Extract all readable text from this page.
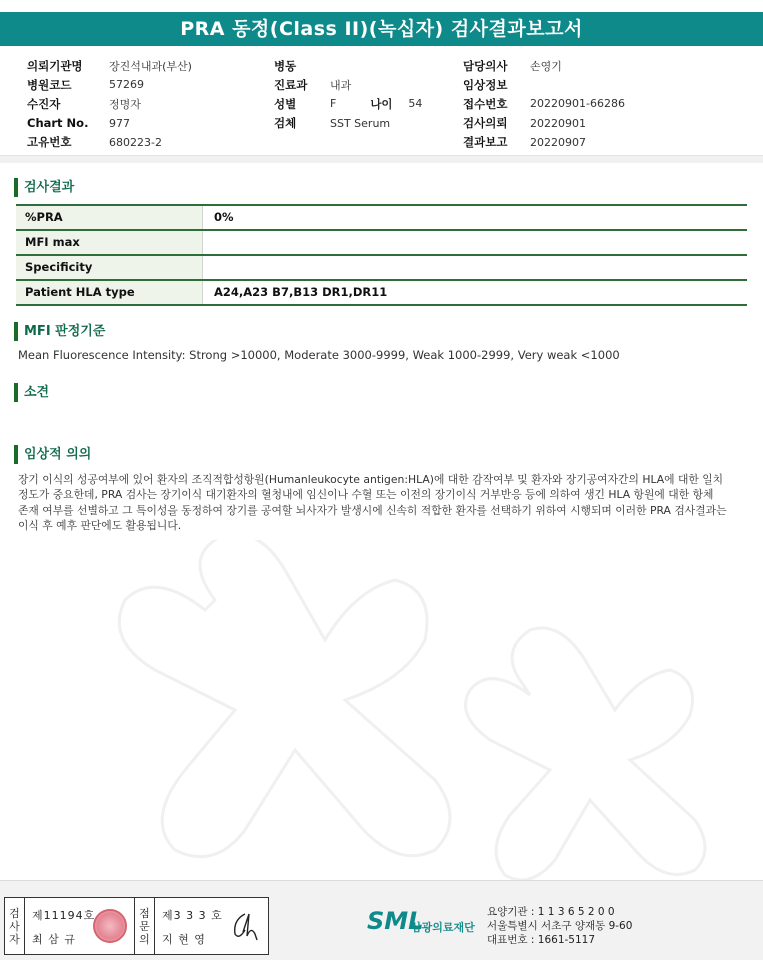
PRA 동정(Class II)(녹십자) 검사결과보고서
의뢰기관명	장진석내과(부산)
병원코드	57269
수진자	정명자
Chart No.	977
고유번호	680223-2
병동
진료과	내과
성별	F	나이	54
검체	SST Serum
담당의사	손영기
임상정보
접수번호	20220901-66286
검사의뢰	20220901
결과보고	20220907
검사결과
%PRA	0%
MFI max
Specificity
Patient HLA type	A24,A23 B7,B13 DR1,DR11
MFI 판정기준
Mean Fluorescence Intensity: Strong >10000, Moderate 3000-9999, Weak 1000-2999, Very weak <1000
소견
임상적 의의
장기 이식의 성공여부에 있어 환자의 조직적합성항원(Humanleukocyte antigen:HLA)에 대한 감작여부 및 환자와 장기공여자간의 HLA에 대한 일치
정도가 중요한데, PRA 검사는 장기이식 대기환자의 혈청내에 임신이나 수혈 또는 이전의 장기이식 거부반응 등에 의하여 생긴 HLA 항원에 대한 항체
존재 여부를 선별하고 그 특이성을 동정하여 장기를 공여할 뇌사자가 발생시에 신속히 적합한 환자를 선택하기 위하여 시행되며 이러한 PRA 검사결과는
이식 후 예후 판단에도 활용됩니다.
검
사
자
제11194호
최 삼 규
점
문
의
제3 3 3 호
지 현 영
SML
삼광의료재단
요양기관 : 1 1 3 6 5 2 0 0
서울특별시 서초구 양재동 9-60
대표번호 : 1661-5117
